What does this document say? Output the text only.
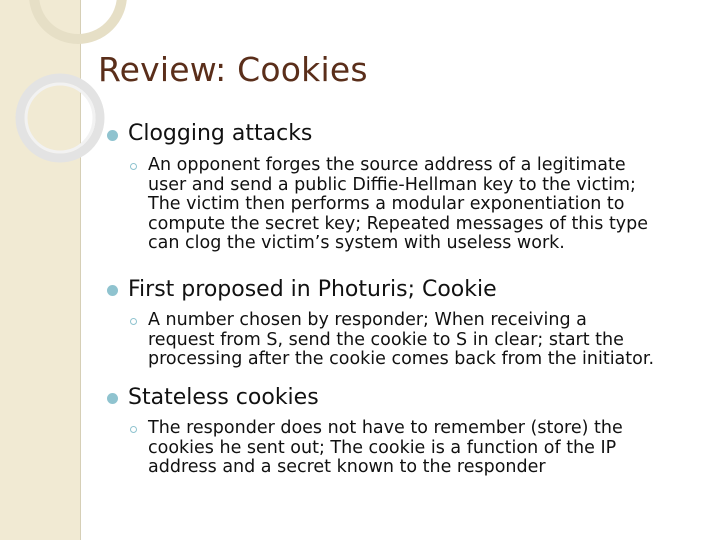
Review: Cookies
Clogging attacks
An opponent forges the source address of a legitimate
user and send a public Diffie-Hellman key to the victim;
The victim then performs a modular exponentiation to
compute the secret key; Repeated messages of this type
can clog the victim’s system with useless work.
First proposed in Photuris; Cookie
A number chosen by responder; When receiving a
request from S, send the cookie to S in clear; start the
processing after the cookie comes back from the initiator.
Stateless cookies
The responder does not have to remember (store) the
cookies he sent out; The cookie is a function of the IP
address and a secret known to the responder
